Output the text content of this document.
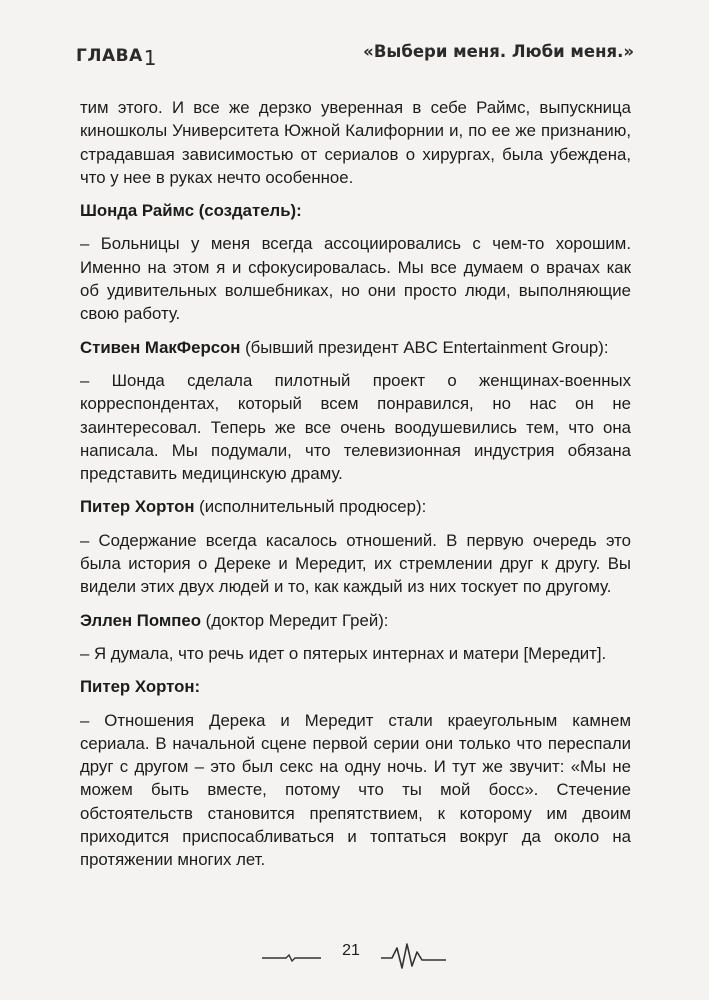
ГЛАВА1	«Выбери меня. Люби меня.»

тим этого. И все же дерзко уверенная в себе Раймс, выпускница киношколы Университета Южной Калифорнии и, по ее же признанию, страдавшая зависимостью от сериалов о хирургах, была убеждена, что у нее в руках нечто особенное.

Шонда Раймс (создатель):

– Больницы у меня всегда ассоциировались с чем-то хорошим. Именно на этом я и сфокусировалась. Мы все думаем о врачах как об удивительных волшебниках, но они просто люди, выполняющие свою работу.

Стивен МакФерсон (бывший президент ABC Entertainment Group):

– Шонда сделала пилотный проект о женщинах-военных корреспондентах, который всем понравился, но нас он не заинтересовал. Теперь же все очень воодушевились тем, что она написала. Мы подумали, что телевизионная индустрия обязана представить медицинскую драму.

Питер Хортон (исполнительный продюсер):

– Содержание всегда касалось отношений. В первую очередь это была история о Дереке и Мередит, их стремлении друг к другу. Вы видели этих двух людей и то, как каждый из них тоскует по другому.

Эллен Помпео (доктор Мередит Грей):

– Я думала, что речь идет о пятерых интернах и матери [Мередит].

Питер Хортон:

– Отношения Дерека и Мередит стали краеугольным камнем сериала. В начальной сцене первой серии они только что переспали друг с другом – это был секс на одну ночь. И тут же звучит: «Мы не можем быть вместе, потому что ты мой босс». Стечение обстоятельств становится препятствием, к которому им двоим приходится приспосабливаться и топтаться вокруг да около на протяжении многих лет.

21
